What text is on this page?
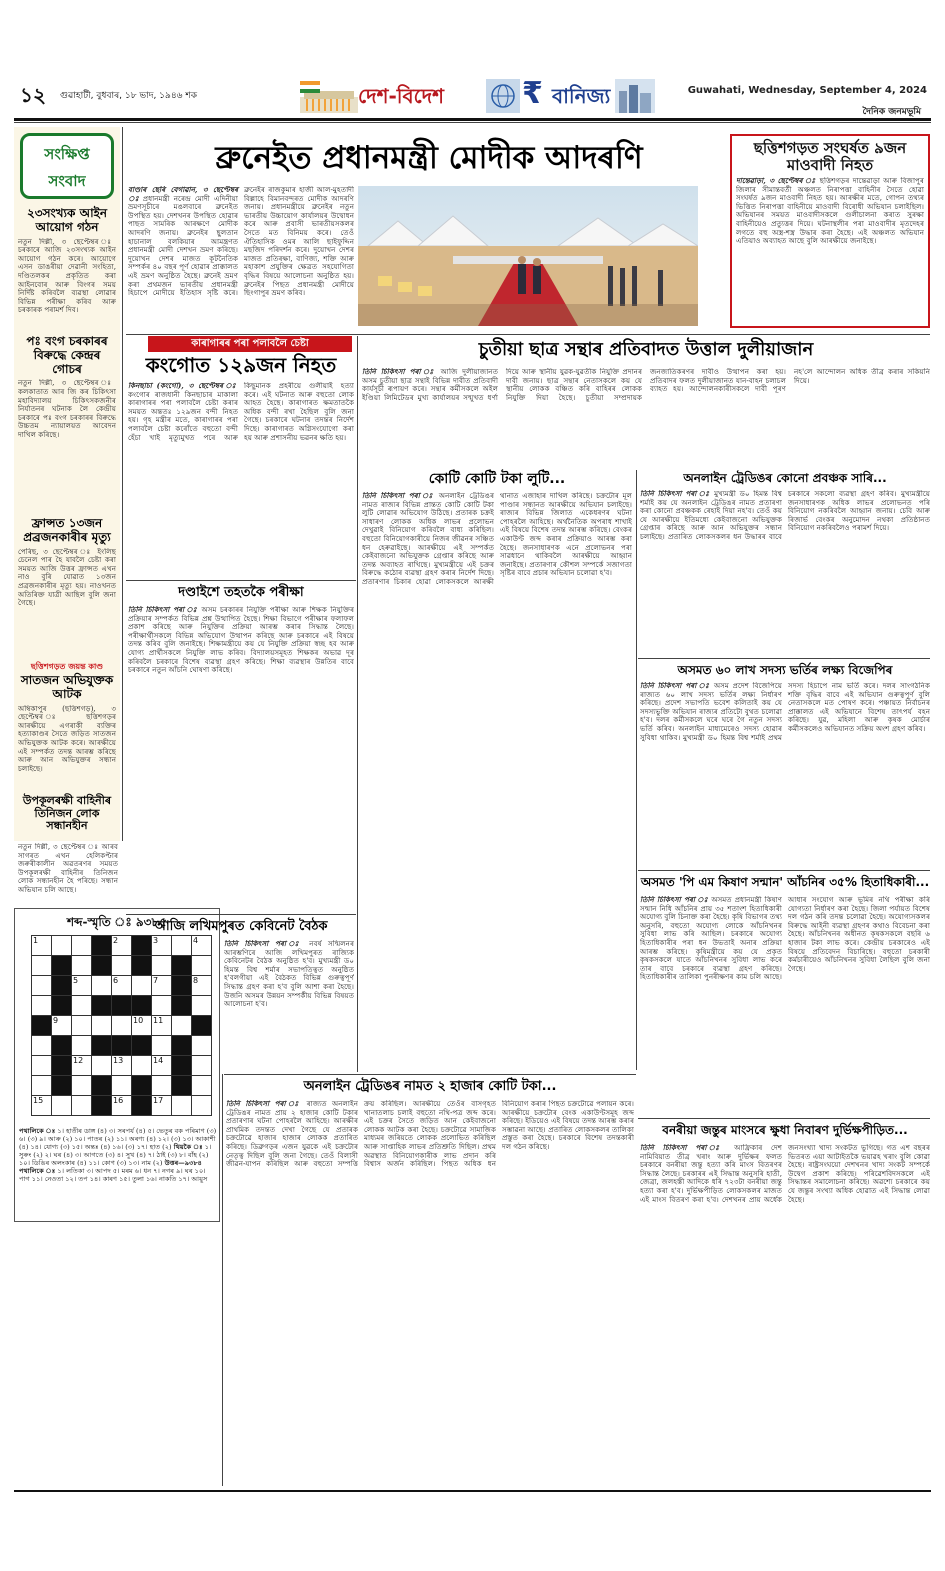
১২ গুৱাহাটী, বুধবাৰ, ১৮ ভাদ, ১৯৪৬ শক	দেশ-বিদেশ	₹ বানিজ্য	Guwahati, Wednesday, September 4, 2024
দৈনিক জনমভূমি
সংক্ষিপ্ত
সংবাদ
২৩সংখ্যক আইন আয়োগ গঠন
নতুন দিল্লী, ৩ ছেপ্টেম্বৰ ঃ চৰকাৰে আজি ২৩সংখ্যক আইন আয়োগ গঠন কৰে। আয়োগে এসন ডাঙৰীয়া দেৱানী সংহিতা, দণ্ডিতলকৰ প্ৰকৃতিত কৰা আইনবোৰ আৰু বিংগৰ সময় নিৰ্দিষ্ট কৰিবলৈ ব্যৱস্থা লোৱাৰ বিভিন্ন পৰীক্ষা কৰিব আৰু চৰকাৰক পৰামৰ্শ দিব।
পঃ বংগ চৰকাৰৰ বিৰুদ্ধে কেন্দ্ৰৰ গোচৰ
নতুন দিল্লী, ৩ ছেপ্টেম্বৰ ঃ কলকাতাত আৰ জি কৰ চিকিৎসা মহাবিদ্যালয় চিকিৎসকজনীৰ নিৰ্যাতনৰ ঘটনাক লৈ কেন্দ্ৰীয় চৰকাৰে পঃ বংগ চৰকাৰৰ বিৰুদ্ধে উচ্চতম ন্যায়ালয়ত আবেদন দাখিল কৰিছে।
ফ্ৰান্সত ১৩জন প্ৰব্ৰজনকাৰীৰ মৃত্যু
পেৰিছ, ৩ ছেপ্টেম্বৰ ঃ ইংলিছ চেনেল পাৰ হৈ যাবলৈ চেষ্টা কৰা সময়ত আজি উত্তৰ ফ্ৰান্সত এখন নাও বুৰি যোৱাত ১৩জন প্ৰব্ৰজনকাৰীৰ মৃত্যু হয়। নাওখনত অতিৰিক্ত যাত্ৰী আছিল বুলি জনা গৈছে।
ছত্তিশগড়ত জয়ন্ত কাণ্ড
সাতজন অভিযুক্তক আটক
অম্বিকাপুৰ (ছত্তিশগড়), ৩ ছেপ্টেম্বৰ ঃ ছত্তিশগড়ৰ আৰক্ষীয়ে এগৰাকী ব্যক্তিৰ হত্যাকাণ্ডৰ সৈতে জড়িত সাতজন অভিযুক্তক আটক কৰে। আৰক্ষীয়ে এই সম্পৰ্কত তদন্ত আৰম্ভ কৰিছে আৰু আন অভিযুক্তৰ সন্ধান চলাইছে।
উপকূলৰক্ষী বাহিনীৰ তিনিজন লোক সন্ধানহীন
নতুন দিল্লী, ৩ ছেপ্টেম্বৰ ঃ আৰব সাগৰত এখন হেলিকপ্টাৰ জৰুৰীকালীন অৱতৰণৰ সময়ত উপকূলৰক্ষী বাহিনীৰ তিনিজন লোক সন্ধানহীন হৈ পৰিছে। সন্ধান অভিযান চলি আছে।
শব্দ-স্মৃতি ঃ ৯৩৮৫
1	2	3	4
5	6	7	8
9	10 11
12	13	14
15	16	17
পথালিকে ঃ ১। হাতীৰ ডাঙ্গ (৪) ৩। সৰপৰ্য (৪) ৫। ভেতুৰ বক পৰিমাণ (৩) ৬। (৩) ৯। আৰু (২) ১০। পাতৰ (২) ১১। অৰণ্য (৪) ১২। (৩) ১৩। আকাশী (৪) ১৪। যোগ্য (৩) ১৫। অন্তঃ (৪) ১৬। (৩) ১৭। হাত (২) থিয়কৈ ঃ ১। সুৰুং (২) ২। ঘৰ (৪) ৩। আগতে (৩) ৪। সুখ (৪) ৭। ঠাই (৩) ৮। বাঁহ (২) ১০। ডিঙিৰ অলংকাৰ (৪) ১১। কোণ (৩) ১৩। নাম (২) উত্তৰ—৯৩৮৪ পথালিকে ঃ ১। লতিকা ৩। আপদ ৫। মৰম ৬। ধন ৭। নগৰ ৯। ঘৰ ১০। পাগ ১১। নেওতা ১২। তপ ১৪। কাৰণ ১৫। তুলা ১৬। নাকতি ১৭। আয়ুস
ব্ৰুনেইত প্ৰধানমন্ত্ৰী মোদীক আদৰণি
বাণ্ডাৰ ছেৰি বেগাৱান, ৩ ছেপ্টেম্বৰ ঃ প্ৰধানমন্ত্ৰী নৰেন্দ্ৰ মোদী এদিনীয়া ভ্ৰমণসূচীৰে মঙলবাৰে ব্ৰুনেইত উপস্থিত হয়। দেশখনৰ উপস্থিত হোৱাৰ পাছত সামৰিক আৰক্ষণে মোদীক আদৰণি জনায়। ব্ৰুনেইৰ ছুলতান হাচানাল বলকিয়াৰ আমন্ত্ৰণত প্ৰধানমন্ত্ৰী মোদী দেশখন ভ্ৰমণ কৰিছে। দুয়োখন দেশৰ মাজত কূটনৈতিক সম্পৰ্কৰ ৪০ বছৰ পূৰ্ণ হোৱাৰ প্ৰাক্কালত এই ভ্ৰমণ অনুষ্ঠিত হৈছে। ব্ৰুনেই ভ্ৰমণ কৰা প্ৰথমজন ভাৰতীয় প্ৰধানমন্ত্ৰী হিচাপে মোদীয়ে ইতিহাস সৃষ্টি কৰে। ব্ৰুনেইৰ ৰাজকুমাৰ হাজী আল-মুহতাদী বিল্লাহে বিমানবন্দৰত মোদীক আদৰণি জনায়। প্ৰধানমন্ত্ৰীয়ে ব্ৰুনেইৰ নতুন ভাৰতীয় উচ্চায়োগ কাৰ্যালয়ৰ উদ্বোধন কৰে আৰু প্ৰবাসী ভাৰতীয়সকলৰ সৈতে মত বিনিময় কৰে। তেওঁ ঐতিহাসিক ওমৰ আলি ছাইফুদ্দিন মছজিদ পৰিদৰ্শন কৰে। দুয়োখন দেশৰ মাজত প্ৰতিৰক্ষা, বাণিজ্য, শক্তি আৰু মহাকাশ প্ৰযুক্তিৰ ক্ষেত্ৰত সহযোগিতা বৃদ্ধিৰ বিষয়ে আলোচনা অনুষ্ঠিত হয়। ব্ৰুনেইৰ পিছত প্ৰধানমন্ত্ৰী মোদীয়ে ছিংগাপুৰ ভ্ৰমণ কৰিব।
ছত্তিশগড়ত সংঘৰ্ষত ৯জন মাওবাদী নিহত
দান্তেৱাড়া, ৩ ছেপ্টেম্বৰ ঃ ছত্তিশগড়ৰ দান্তেৱাড়া আৰু বিজাপুৰ জিলাৰ সীমান্তবৰ্তী অঞ্চলত নিৰাপত্তা বাহিনীৰ সৈতে হোৱা সংঘৰ্ষত ৯জন মাওবাদী নিহত হয়। আৰক্ষীৰ মতে, গোপন তথ্যৰ ভিত্তিত নিৰাপত্তা বাহিনীয়ে মাওবাদী বিৰোধী অভিযান চলাইছিল। অভিযানৰ সময়ত মাওবাদীসকলে গুলীচালনা কৰাত সুৰক্ষা বাহিনীয়েও প্ৰত্যুত্তৰ দিয়ে। ঘটনাস্থলীৰ পৰা মাওবাদীৰ মৃতদেহৰ লগতে বহু অস্ত্ৰ-শস্ত্ৰ উদ্ধাৰ কৰা হৈছে। এই অঞ্চলত অভিযান এতিয়াও অব্যাহত আছে বুলি আৰক্ষীয়ে জনাইছে।
কাৰাগাৰৰ পৰা পলাবলৈ চেষ্টা
কংগোত ১২৯জন নিহত
কিনছাচা (কংগো), ৩ ছেপ্টেম্বৰ ঃ কংগোৰ ৰাজধানী কিনছাচাৰ মাকালা কাৰাগাৰৰ পৰা পলাবলৈ চেষ্টা কৰাৰ সময়ত অন্ততঃ ১২৯জন বন্দী নিহত হয়। গৃহ মন্ত্ৰীৰ মতে, কাৰাগাৰৰ পৰা পলাবলৈ চেষ্টা কৰোঁতে বহুতো বন্দী হেঁচা খাই মৃত্যুমুখত পৰে আৰু কিছুমানক প্ৰহৰীয়ে গুলীয়াই হত্যা কৰে। এই ঘটনাত আৰু বহুতো লোক আহত হৈছে। কাৰাগাৰত ক্ষমতাতকৈ অধিক বন্দী ৰখা হৈছিল বুলি জনা গৈছে। চৰকাৰে ঘটনাৰ তদন্তৰ নিৰ্দেশ দিছে। কাৰাগাৰত অগ্নিসংযোগো কৰা হয় আৰু প্ৰশাসনীয় ভৱনৰ ক্ষতি হয়।
দণ্ডাইশে তহতকৈ পৰীক্ষা
তিনি চিকিৎসা পৰা ঃ অসম চৰকাৰৰ নিযুক্তি পৰীক্ষা আৰু শিক্ষক নিযুক্তিৰ প্ৰক্ৰিয়াৰ সম্পৰ্কত বিভিন্ন প্ৰশ্ন উত্থাপিত হৈছে। শিক্ষা বিভাগে পৰীক্ষাৰ ফলাফল প্ৰকাশ কৰিছে আৰু নিযুক্তিৰ প্ৰক্ৰিয়া আৰম্ভ কৰাৰ সিদ্ধান্ত লৈছে। পৰীক্ষাৰ্থীসকলে বিভিন্ন অভিযোগ উত্থাপন কৰিছে আৰু চৰকাৰে এই বিষয়ে তদন্ত কৰিব বুলি জনাইছে। শিক্ষামন্ত্ৰীয়ে কয় যে নিযুক্তি প্ৰক্ৰিয়া স্বচ্ছ হব আৰু যোগ্য প্ৰাৰ্থীসকলে নিযুক্তি লাভ কৰিব। বিদ্যালয়সমূহত শিক্ষকৰ অভাৱ দূৰ কৰিবলৈ চৰকাৰে বিশেষ ব্যৱস্থা গ্ৰহণ কৰিছে। শিক্ষা ব্যৱস্থাৰ উন্নতিৰ বাবে চৰকাৰে নতুন আঁচনি ঘোষণা কৰিছে।
আজি লখিমপুৰত কেবিনেট বৈঠক
তিনি চিকিৎসা পৰা ঃ নবৰ্ষ সন্মিলনৰ আৰম্ভণিৰে আজি লখিমপুৰত ৰাজ্যিক কেবিনেটৰ বৈঠক অনুষ্ঠিত হ'ব। মুখ্যমন্ত্ৰী ড০ হিমন্ত বিশ্ব শৰ্মাৰ সভাপতিত্বত অনুষ্ঠিত হ'বলগীয়া এই বৈঠকত বিভিন্ন গুৰুত্বপূৰ্ণ সিদ্ধান্ত গ্ৰহণ কৰা হ'ব বুলি আশা কৰা হৈছে। উজনি অসমৰ উন্নয়ন সম্পৰ্কীয় বিভিন্ন বিষয়ত আলোচনা হ'ব।
চুতীয়া ছাত্ৰ সন্থাৰ প্ৰতিবাদত উত্তাল দুলীয়াজান
তিনি চিকিৎসা পৰা ঃ আজি দুলীয়াজানত অসম চুতীয়া ছাত্ৰ সন্থাই বিভিন্ন দাবীত প্ৰতিবাদী কাৰ্যসূচী ৰূপায়ণ কৰে। সন্থাৰ কৰ্মীসকলে অইল ইণ্ডিয়া লিমিটেডৰ মুখ্য কাৰ্যালয়ৰ সন্মুখত ধৰ্ণা দিয়ে আৰু স্থানীয় যুৱক-যুৱতীক নিযুক্তি প্ৰদানৰ দাবী জনায়। ছাত্ৰ সন্থাৰ নেতাসকলে কয় যে স্থানীয় লোকক বঞ্চিত কৰি বাহিৰৰ লোকক নিযুক্তি দিয়া হৈছে। চুতীয়া সম্প্ৰদায়ক জনজাতিকৰণৰ দাবীও উত্থাপন কৰা হয়। প্ৰতিবাদৰ ফলত দুলীয়াজানত যান-বাহন চলাচল ব্যাহত হয়। আন্দোলনকাৰীসকলে দাবী পূৰণ নহ'লে আন্দোলন অধিক তীব্ৰ কৰাৰ সকিয়নি দিয়ে।
কোটি কোটি টকা লুটি...
তিনি চিকিৎসা পৰা ঃ অনলাইন ট্ৰেডিঙৰ নামত ৰাজ্যৰ বিভিন্ন প্ৰান্তত কোটি কোটি টকা লুটি লোৱাৰ অভিযোগ উঠিছে। প্ৰতাৰক চক্ৰই সাধাৰণ লোকক অধিক লাভৰ প্ৰলোভন দেখুৱাই বিনিয়োগ কৰিবলৈ বাধ্য কৰিছিল। বহুতো বিনিয়োগকাৰীয়ে নিজৰ জীৱনৰ সঞ্চিত ধন হেৰুৱাইছে। আৰক্ষীয়ে এই সম্পৰ্কত কেইবাজনো অভিযুক্তক গ্ৰেপ্তাৰ কৰিছে আৰু তদন্ত অব্যাহত ৰাখিছে। মুখ্যমন্ত্ৰীয়ে এই চক্ৰৰ বিৰুদ্ধে কঠোৰ ব্যৱস্থা গ্ৰহণ কৰাৰ নিৰ্দেশ দিছে। প্ৰতাৰণাৰ চিকাৰ হোৱা লোকসকলে আৰক্ষী থানাত এজাহাৰ দাখিল কৰিছে। চক্ৰটোৰ মূল পাণ্ডাৰ সন্ধানত আৰক্ষীয়ে অভিযান চলাইছে। ৰাজ্যৰ বিভিন্ন জিলাত একেধৰণৰ ঘটনা পোহৰলৈ আহিছে। অৰ্থনৈতিক অপৰাধ শাখাই এই বিষয়ে বিশেষ তদন্ত আৰম্ভ কৰিছে। বেংকৰ একাউণ্ট জব্দ কৰাৰ প্ৰক্ৰিয়াও আৰম্ভ কৰা হৈছে। জনসাধাৰণক এনে প্ৰলোভনৰ পৰা সাৱধানে থাকিবলৈ আৰক্ষীয়ে আহ্বান জনাইছে। প্ৰতাৰণাৰ কৌশল সম্পৰ্কে সজাগতা সৃষ্টিৰ বাবে প্ৰচাৰ অভিযান চলোৱা হ'ব।
অনলাইন ট্ৰেডিঙৰ কোনো প্ৰবঞ্চক সাৰি...
তিনি চিকিৎসা পৰা ঃ মুখ্যমন্ত্ৰী ড০ হিমন্ত বিশ্ব শৰ্মাই কয় যে অনলাইন ট্ৰেডিঙৰ নামত প্ৰতাৰণা কৰা কোনো প্ৰবঞ্চকক ৰেহাই দিয়া নহ'ব। তেওঁ কয় যে আৰক্ষীয়ে ইতিমধ্যে কেইবাজনো অভিযুক্তক গ্ৰেপ্তাৰ কৰিছে আৰু আন অভিযুক্তৰ সন্ধান চলাইছে। প্ৰতাৰিত লোকসকলৰ ধন উদ্ধাৰৰ বাবে চৰকাৰে সকলো ব্যৱস্থা গ্ৰহণ কৰিব। মুখ্যমন্ত্ৰীয়ে জনসাধাৰণক অধিক লাভৰ প্ৰলোভনত পৰি বিনিয়োগ নকৰিবলৈ আহ্বান জনায়। চেবি আৰু ৰিজাৰ্ভ বেংকৰ অনুমোদন নথকা প্ৰতিষ্ঠানত বিনিয়োগ নকৰিবলৈও পৰামৰ্শ দিয়ে।
অসমত ৬০ লাখ সদস্য ভৰ্তিৰ লক্ষ্য বিজেপিৰ
তিনি চিকিৎসা পৰা ঃ অসম প্ৰদেশ বিজেপিয়ে ৰাজ্যত ৬০ লাখ সদস্য ভৰ্তিৰ লক্ষ্য নিৰ্ধাৰণ কৰিছে। প্ৰদেশ সভাপতি ভবেশ কলিতাই কয় যে সদস্যভুক্তি অভিযান ৰাজ্যৰ প্ৰতিটো বুথত চলোৱা হ'ব। দলৰ কৰ্মীসকলে ঘৰে ঘৰে গৈ নতুন সদস্য ভৰ্তি কৰিব। অনলাইন মাধ্যমেৰেও সদস্য হোৱাৰ সুবিধা থাকিব। মুখ্যমন্ত্ৰী ড০ হিমন্ত বিশ্ব শৰ্মাই প্ৰথম সদস্য হিচাপে নাম ভৰ্তি কৰে। দলৰ সাংগঠনিক শক্তি বৃদ্ধিৰ বাবে এই অভিযান গুৰুত্বপূৰ্ণ বুলি নেতাসকলে মত পোষণ কৰে। পঞ্চায়ত নিৰ্বাচনৰ প্ৰাক্কালত এই অভিযানে বিশেষ তাৎপৰ্য বহন কৰিছে। যুৱ, মহিলা আৰু কৃষক মোৰ্চাৰ কৰ্মীসকলেও অভিযানত সক্ৰিয় অংশ গ্ৰহণ কৰিব।
অসমত 'পি এম কিষাণ সন্মান' আঁচনিৰ ৩৫% হিতাধিকাৰী...
তিনি চিকিৎসা পৰা ঃ অসমত প্ৰধানমন্ত্ৰী কিষাণ সন্মান নিধি আঁচনিৰ প্ৰায় ৩৫ শতাংশ হিতাধিকাৰী অযোগ্য বুলি চিনাক্ত কৰা হৈছে। কৃষি বিভাগৰ তথ্য অনুসৰি, বহুতো অযোগ্য লোকে আঁচনিখনৰ সুবিধা লাভ কৰি আছিল। চৰকাৰে অযোগ্য হিতাধিকাৰীৰ পৰা ধন উভতাই অনাৰ প্ৰক্ৰিয়া আৰম্ভ কৰিছে। কৃষিমন্ত্ৰীয়ে কয় যে প্ৰকৃত কৃষকসকলে যাতে আঁচনিখনৰ সুবিধা লাভ কৰে তাৰ বাবে চৰকাৰে ব্যৱস্থা গ্ৰহণ কৰিছে। হিতাধিকাৰীৰ তালিকা পুনৰীক্ষণৰ কাম চলি আছে। আধাৰ সংযোগ আৰু ভূমিৰ নথি পৰীক্ষা কৰি যোগ্যতা নিৰ্ধাৰণ কৰা হৈছে। জিলা পৰ্যায়ত বিশেষ দল গঠন কৰি তদন্ত চলোৱা হৈছে। অযোগ্যসকলৰ বিৰুদ্ধে আইনী ব্যৱস্থা গ্ৰহণৰ কথাও বিবেচনা কৰা হৈছে। আঁচনিখনৰ অধীনত কৃষকসকলে বছৰি ৬ হাজাৰ টকা লাভ কৰে। কেন্দ্ৰীয় চৰকাৰেও এই বিষয়ে প্ৰতিবেদন বিচাৰিছে। বহুতো চৰকাৰী কৰ্মচাৰীয়েও আঁচনিখনৰ সুবিধা লৈছিল বুলি জনা গৈছে।
অনলাইন ট্ৰেডিঙৰ নামত ২ হাজাৰ কোটি টকা...
তিনি চিকিৎসা পৰা ঃ ৰাজ্যত অনলাইন ট্ৰেডিঙৰ নামত প্ৰায় ২ হাজাৰ কোটি টকাৰ প্ৰতাৰণাৰ ঘটনা পোহৰলৈ আহিছে। আৰক্ষীৰ প্ৰাথমিক তদন্তত দেখা গৈছে যে প্ৰতাৰক চক্ৰটোৱে হাজাৰ হাজাৰ লোকক প্ৰতাৰিত কৰিছে। ডিব্ৰুগড়ৰ এজন যুৱকে এই চক্ৰটোৰ নেতৃত্ব দিছিল বুলি জনা গৈছে। তেওঁ বিলাসী জীৱন-যাপন কৰিছিল আৰু বহুতো সম্পত্তি ক্ৰয় কৰিছিল। আৰক্ষীয়ে তেওঁৰ বাসগৃহত খানাতলাচ চলাই বহুতো নথি-পত্ৰ জব্দ কৰে। এই চক্ৰৰ সৈতে জড়িত আন কেইবাজনো লোকক আটক কৰা হৈছে। চক্ৰটোৱে সামাজিক মাধ্যমৰ জৰিয়তে লোকক প্ৰলোভিত কৰিছিল আৰু সাপ্তাহিক লাভৰ প্ৰতিশ্ৰুতি দিছিল। প্ৰথম অৱস্থাত বিনিয়োগকাৰীক লাভ প্ৰদান কৰি বিশ্বাস অৰ্জন কৰিছিল। পিছত অধিক ধন বিনিয়োগ কৰাৰ পিছত চক্ৰটোৱে পলায়ন কৰে। আৰক্ষীয়ে চক্ৰটোৰ বেংক একাউণ্টসমূহ জব্দ কৰিছে। ইডিয়েও এই বিষয়ে তদন্ত আৰম্ভ কৰাৰ সম্ভাৱনা আছে। প্ৰতাৰিত লোকসকলৰ তালিকা প্ৰস্তুত কৰা হৈছে। চৰকাৰে বিশেষ তদন্তকাৰী দল গঠন কৰিছে।
বনৰীয়া জন্তুৰ মাংসৰে ক্ষুধা নিবাৰণ দুৰ্ভিক্ষপীড়িত...
তিনি চিকিৎসা পৰা ঃ আফ্ৰিকাৰ দেশ নামিবিয়াত তীব্ৰ খৰাং আৰু দুৰ্ভিক্ষৰ ফলত চৰকাৰে বনৰীয়া জন্তু হত্যা কৰি মাংস বিতৰণৰ সিদ্ধান্ত লৈছে। চৰকাৰৰ এই সিদ্ধান্ত অনুসৰি হাতী, জেব্ৰা, জলহস্তী আদিকে ধৰি ৭২৩টা বনৰীয়া জন্তু হত্যা কৰা হ'ব। দুৰ্ভিক্ষপীড়িত লোকসকলৰ মাজত এই মাংস বিতৰণ কৰা হ'ব। দেশখনৰ প্ৰায় অৰ্ধেক জনসংখ্যা খাদ্য সংকটত ভুগিছে। গত এশ বছৰৰ ভিতৰত এয়া আটাইতকৈ ভয়াৱহ খৰাং বুলি কোৱা হৈছে। ৰাষ্ট্ৰসংঘয়ো দেশখনৰ খাদ্য সংকট সম্পৰ্কে উদ্বেগ প্ৰকাশ কৰিছে। পৰিৱেশবিদসকলে এই সিদ্ধান্তৰ সমালোচনা কৰিছে। অৱশ্যে চৰকাৰে কয় যে জন্তুৰ সংখ্যা অধিক হোৱাত এই সিদ্ধান্ত লোৱা হৈছে।
